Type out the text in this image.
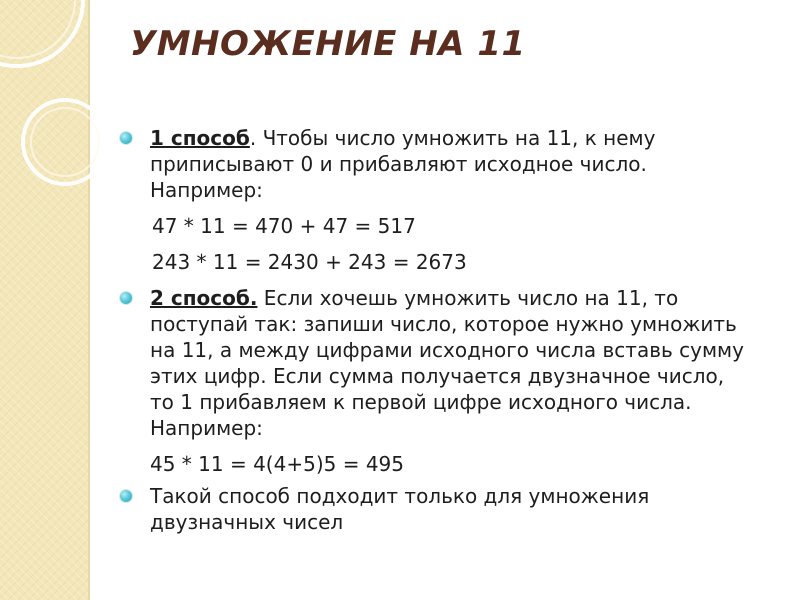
УМНОЖЕНИЕ НА 11
1 способ. Чтобы число умножить на 11, к нему приписывают 0 и прибавляют исходное число. Например:
47 * 11 = 470 + 47 = 517
243 * 11 = 2430 + 243 = 2673
2 способ. Если хочешь умножить число на 11, то поступай так: запиши число, которое нужно умножить на 11, а между цифрами исходного числа вставь сумму этих цифр. Если сумма получается двузначное число, то 1 прибавляем к первой цифре исходного числа. Например:
45 * 11 = 4(4+5)5 = 495
Такой способ подходит только для умножения двузначных чисел
